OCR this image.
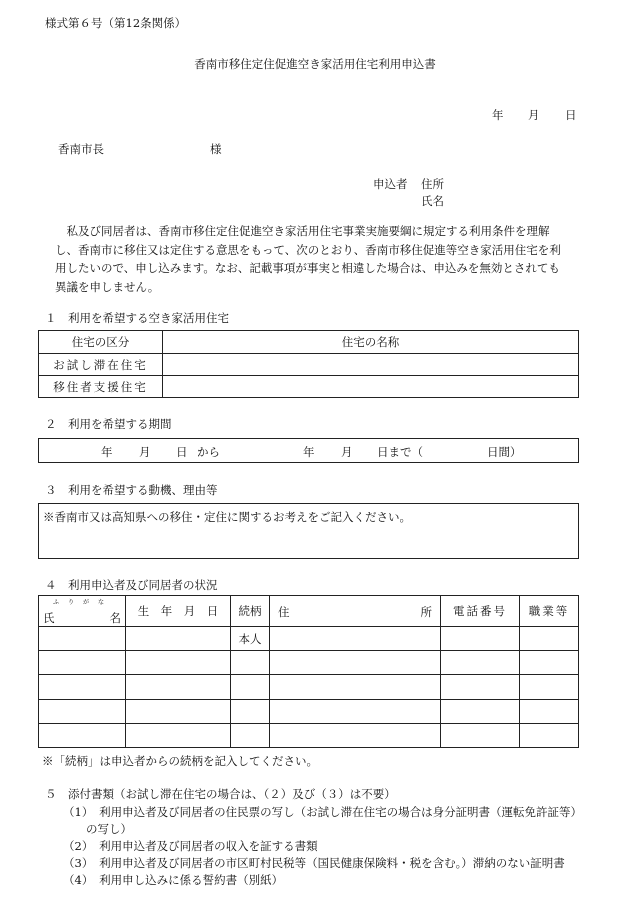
様式第６号（第12条関係）
香南市移住定住促進空き家活用住宅利用申込書
年 月 日
香南市長	様
申込者 住所
氏名
私及び同居者は、香南市移住定住促進空き家活用住宅事業実施要綱に規定する利用条件を理解し、香南市に移住又は定住する意思をもって、次のとおり、香南市移住促進等空き家活用住宅を利用したいので、申し込みます。なお、記載事項が事実と相違した場合は、申込みを無効とされても異議を申しません。
１　利用を希望する空き家活用住宅
住宅の区分	住宅の名称
お試し滞在住宅	
移住者支援住宅	
２　利用を希望する期間
年 月 日 から	年 月 日まで（	日間）
３　利用を希望する動機、理由等
※香南市又は高知県への移住・定住に関するお考えをご記入ください。
４　利用申込者及び同居者の状況
ふりがな
氏 名	生　年　月　日	続柄	住 所	電話番号	職業等
		本人			

※「続柄」は申込者からの続柄を記入してください。
５　添付書類（お試し滞在住宅の場合は、（２）及び（３）は不要）
（1）　利用申込者及び同居者の住民票の写し（お試し滞在住宅の場合は身分証明書（運転免許証等）
の写し）
（2）　利用申込者及び同居者の収入を証する書類
（3）　利用申込者及び同居者の市区町村民税等（国民健康保険料・税を含む。）滞納のない証明書
（4）　利用申し込みに係る誓約書（別紙）
